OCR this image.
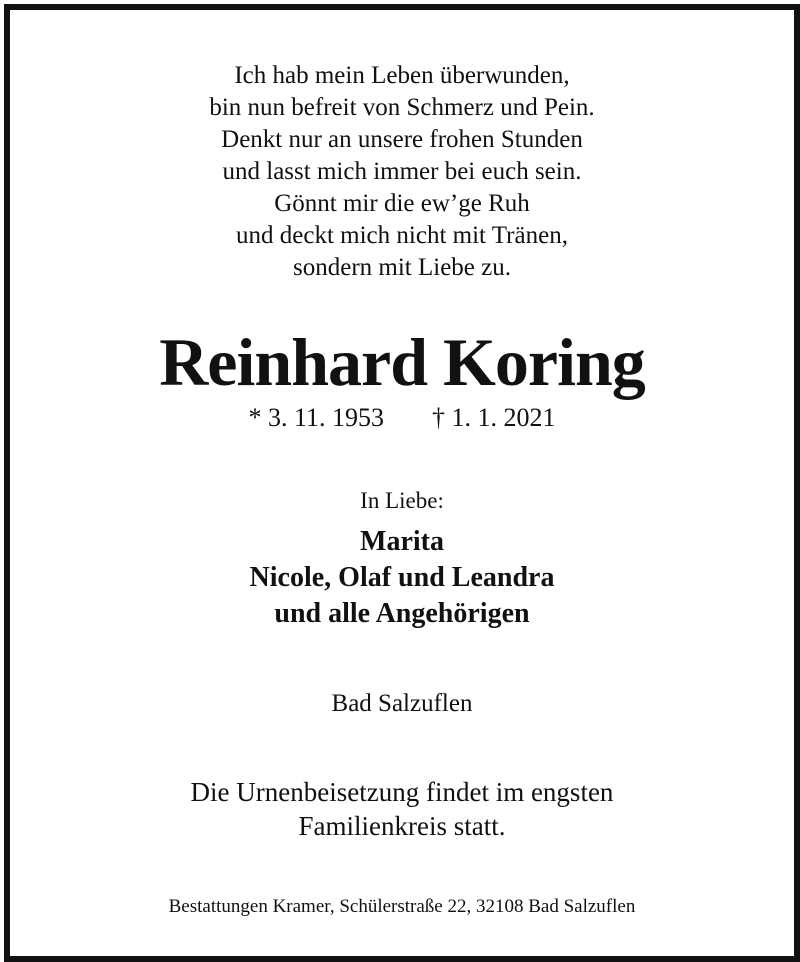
Ich hab mein Leben überwunden,
bin nun befreit von Schmerz und Pein.
Denkt nur an unsere frohen Stunden
und lasst mich immer bei euch sein.
Gönnt mir die ew’ge Ruh
und deckt mich nicht mit Tränen,
sondern mit Liebe zu.
Reinhard Koring
* 3. 11. 1953 † 1. 1. 2021
In Liebe:
Marita
Nicole, Olaf und Leandra
und alle Angehörigen
Bad Salzuflen
Die Urnenbeisetzung findet im engsten
Familienkreis statt.
Bestattungen Kramer, Schülerstraße 22, 32108 Bad Salzuflen
